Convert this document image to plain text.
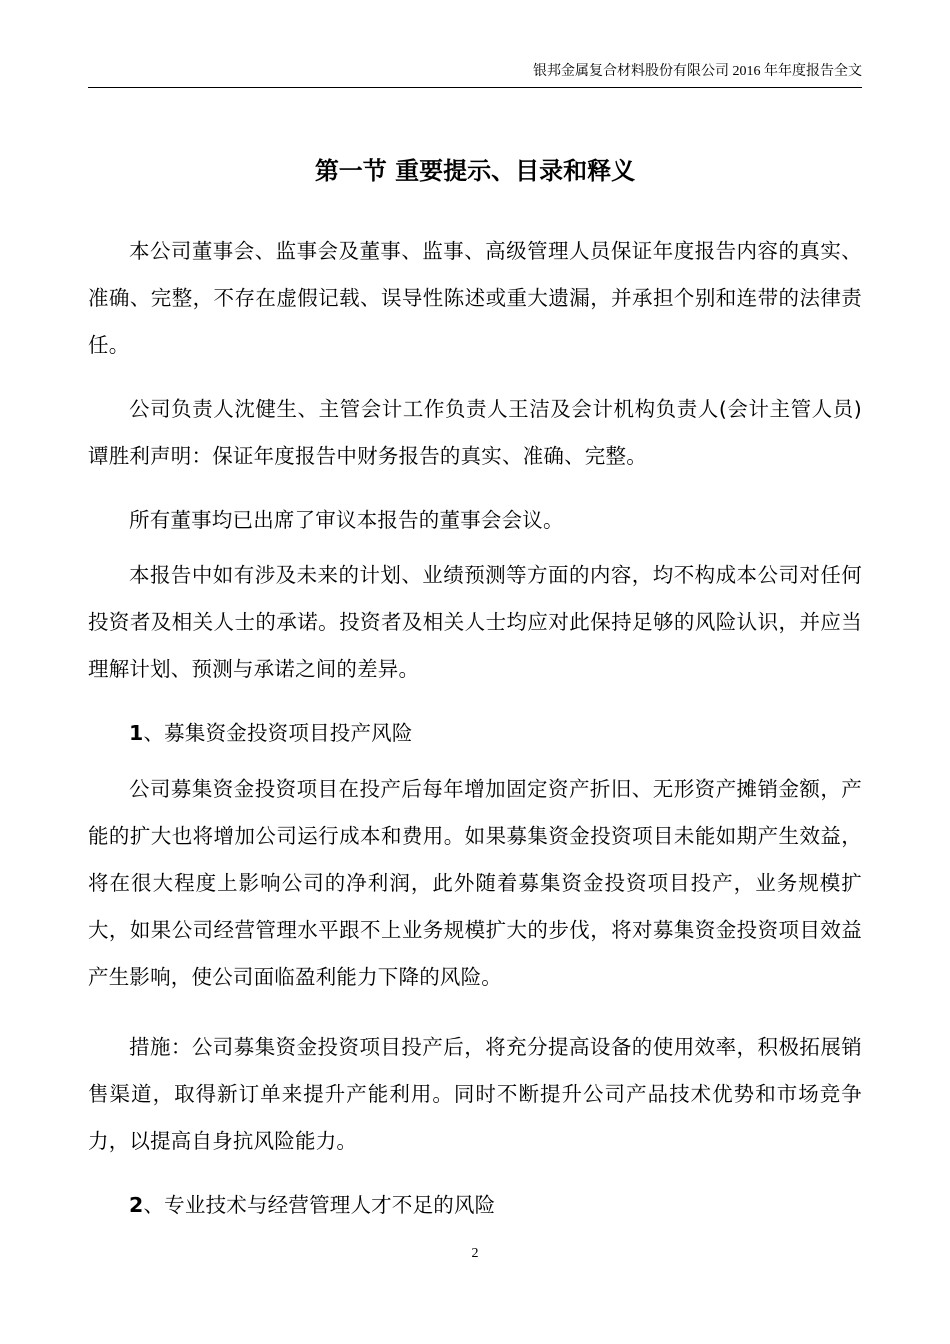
银邦金属复合材料股份有限公司 2016 年年度报告全文
第一节 重要提示、目录和释义

本公司董事会、监事会及董事、监事、高级管理人员保证年度报告内容的真实、准确、完整，不存在虚假记载、误导性陈述或重大遗漏，并承担个别和连带的法律责任。

公司负责人沈健生、主管会计工作负责人王洁及会计机构负责人(会计主管人员)谭胜利声明：保证年度报告中财务报告的真实、准确、完整。

所有董事均已出席了审议本报告的董事会会议。

本报告中如有涉及未来的计划、业绩预测等方面的内容，均不构成本公司对任何投资者及相关人士的承诺。投资者及相关人士均应对此保持足够的风险认识，并应当理解计划、预测与承诺之间的差异。

1、募集资金投资项目投产风险

公司募集资金投资项目在投产后每年增加固定资产折旧、无形资产摊销金额，产能的扩大也将增加公司运行成本和费用。如果募集资金投资项目未能如期产生效益，将在很大程度上影响公司的净利润，此外随着募集资金投资项目投产，业务规模扩大，如果公司经营管理水平跟不上业务规模扩大的步伐，将对募集资金投资项目效益产生影响，使公司面临盈利能力下降的风险。

措施：公司募集资金投资项目投产后，将充分提高设备的使用效率，积极拓展销售渠道，取得新订单来提升产能利用。同时不断提升公司产品技术优势和市场竞争力，以提高自身抗风险能力。

2、专业技术与经营管理人才不足的风险
2
